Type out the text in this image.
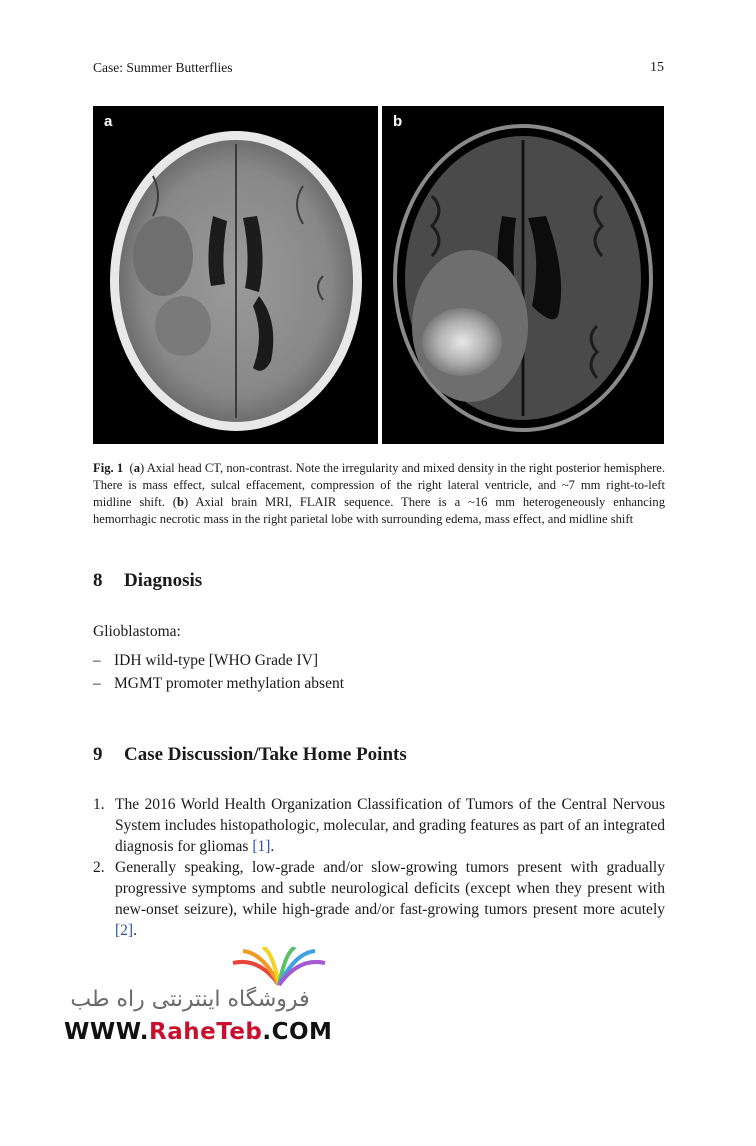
Case: Summer Butterflies	15
a	b
Fig. 1 (a) Axial head CT, non-contrast. Note the irregularity and mixed density in the right posterior hemisphere. There is mass effect, sulcal effacement, compression of the right lateral ventricle, and ~7 mm right-to-left midline shift. (b) Axial brain MRI, FLAIR sequence. There is a ~16 mm heterogeneously enhancing hemorrhagic necrotic mass in the right parietal lobe with surrounding edema, mass effect, and midline shift
8 Diagnosis
Glioblastoma:
– IDH wild-type [WHO Grade IV]
– MGMT promoter methylation absent
9 Case Discussion/Take Home Points
1. The 2016 World Health Organization Classification of Tumors of the Central Nervous System includes histopathologic, molecular, and grading features as part of an integrated diagnosis for gliomas [1].
2. Generally speaking, low-grade and/or slow-growing tumors present with gradually progressive symptoms and subtle neurological deficits (except when they present with new-onset seizure), while high-grade and/or fast-growing tumors present more acutely [2].
فروشگاه اینترنتی راه طب
WWW.RaheTeb.COM
